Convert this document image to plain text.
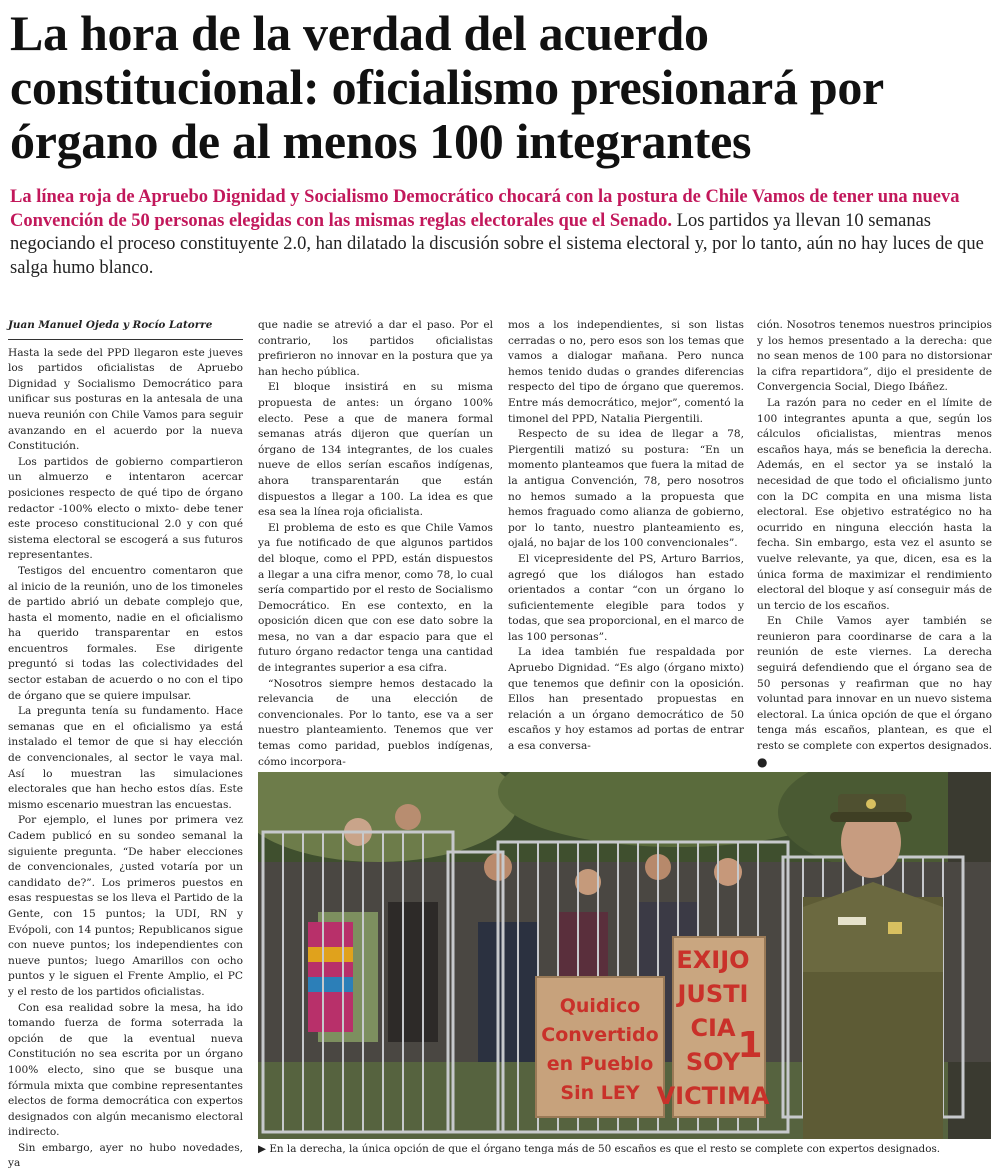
La hora de la verdad del acuerdo constitucional: oficialismo presionará por órgano de al menos 100 integrantes

La línea roja de Apruebo Dignidad y Socialismo Democrático chocará con la postura de Chile Vamos de tener una nueva Convención de 50 personas elegidas con las mismas reglas electorales que el Senado. Los partidos ya llevan 10 semanas negociando el proceso constituyente 2.0, han dilatado la discusión sobre el sistema electoral y, por lo tanto, aún no hay luces de que salga humo blanco.

Juan Manuel Ojeda y Rocío Latorre

Hasta la sede del PPD llegaron este jueves los partidos oficialistas de Apruebo Dignidad y Socialismo Democrático para unificar sus posturas en la antesala de una nueva reunión con Chile Vamos para seguir avanzando en el acuerdo por la nueva Constitución.

Los partidos de gobierno compartieron un almuerzo e intentaron acercar posiciones respecto de qué tipo de órgano redactor -100% electo o mixto- debe tener este proceso constitucional 2.0 y con qué sistema electoral se escogerá a sus futuros representantes.

Testigos del encuentro comentaron que al inicio de la reunión, uno de los timoneles de partido abrió un debate complejo que, hasta el momento, nadie en el oficialismo ha querido transparentar en estos encuentros formales. Ese dirigente preguntó si todas las colectividades del sector estaban de acuerdo o no con el tipo de órgano que se quiere impulsar.

La pregunta tenía su fundamento. Hace semanas que en el oficialismo ya está instalado el temor de que si hay elección de convencionales, al sector le vaya mal. Así lo muestran las simulaciones electorales que han hecho estos días. Este mismo escenario muestran las encuestas.

Por ejemplo, el lunes por primera vez Cadem publicó en su sondeo semanal la siguiente pregunta. “De haber elecciones de convencionales, ¿usted votaría por un candidato de?”. Los primeros puestos en esas respuestas se los lleva el Partido de la Gente, con 15 puntos; la UDI, RN y Evópoli, con 14 puntos; Republicanos sigue con nueve puntos; los independientes con nueve puntos; luego Amarillos con ocho puntos y le siguen el Frente Amplio, el PC y el resto de los partidos oficialistas.

Con esa realidad sobre la mesa, ha ido tomando fuerza de forma soterrada la opción de que la eventual nueva Constitución no sea escrita por un órgano 100% electo, sino que se busque una fórmula mixta que combine representantes electos de forma democrática con expertos designados con algún mecanismo electoral indirecto.

Sin embargo, ayer no hubo novedades, ya

que nadie se atrevió a dar el paso. Por el contrario, los partidos oficialistas prefirieron no innovar en la postura que ya han hecho pública.

El bloque insistirá en su misma propuesta de antes: un órgano 100% electo. Pese a que de manera formal semanas atrás dijeron que querían un órgano de 134 integrantes, de los cuales nueve de ellos serían escaños indígenas, ahora transparentarán que están dispuestos a llegar a 100. La idea es que esa sea la línea roja oficialista.

El problema de esto es que Chile Vamos ya fue notificado de que algunos partidos del bloque, como el PPD, están dispuestos a llegar a una cifra menor, como 78, lo cual sería compartido por el resto de Socialismo Democrático. En ese contexto, en la oposición dicen que con ese dato sobre la mesa, no van a dar espacio para que el futuro órgano redactor tenga una cantidad de integrantes superior a esa cifra.

“Nosotros siempre hemos destacado la relevancia de una elección de convencionales. Por lo tanto, ese va a ser nuestro planteamiento. Tenemos que ver temas como paridad, pueblos indígenas, cómo incorpora-

mos a los independientes, si son listas cerradas o no, pero esos son los temas que vamos a dialogar mañana. Pero nunca hemos tenido dudas o grandes diferencias respecto del tipo de órgano que queremos. Entre más democrático, mejor”, comentó la timonel del PPD, Natalia Piergentili.

Respecto de su idea de llegar a 78, Piergentili matizó su postura: “En un momento planteamos que fuera la mitad de la antigua Convención, 78, pero nosotros no hemos sumado a la propuesta que hemos fraguado como alianza de gobierno, por lo tanto, nuestro planteamiento es, ojalá, no bajar de los 100 convencionales”.

El vicepresidente del PS, Arturo Barrios, agregó que los diálogos han estado orientados a contar “con un órgano lo suficientemente elegible para todos y todas, que sea proporcional, en el marco de las 100 personas”.

La idea también fue respaldada por Apruebo Dignidad. “Es algo (órgano mixto) que tenemos que definir con la oposición. Ellos han presentado propuestas en relación a un órgano democrático de 50 escaños y hoy estamos ad portas de entrar a esa conversa-

ción. Nosotros tenemos nuestros principios y los hemos presentado a la derecha: que no sean menos de 100 para no distorsionar la cifra repartidora”, dijo el presidente de Convergencia Social, Diego Ibáñez.

La razón para no ceder en el límite de 100 integrantes apunta a que, según los cálculos oficialistas, mientras menos escaños haya, más se beneficia la derecha. Además, en el sector ya se instaló la necesidad de que todo el oficialismo junto con la DC compita en una misma lista electoral. Ese objetivo estratégico no ha ocurrido en ninguna elección hasta la fecha. Sin embargo, esta vez el asunto se vuelve relevante, ya que, dicen, esa es la única forma de maximizar el rendimiento electoral del bloque y así conseguir más de un tercio de los escaños.

En Chile Vamos ayer también se reunieron para coordinarse de cara a la reunión de este viernes. La derecha seguirá defendiendo que el órgano sea de 50 personas y reafirman que no hay voluntad para innovar en un nuevo sistema electoral. La única opción de que el órgano tenga más escaños, plantean, es que el resto se complete con expertos designados. ●

Quidico
Convertido
en Pueblo
Sin LEY
EXIJO
JUSTI
CIA
SOY
VICTIMA
1
▶ En la derecha, la única opción de que el órgano tenga más de 50 escaños es que el resto se complete con expertos designados.
